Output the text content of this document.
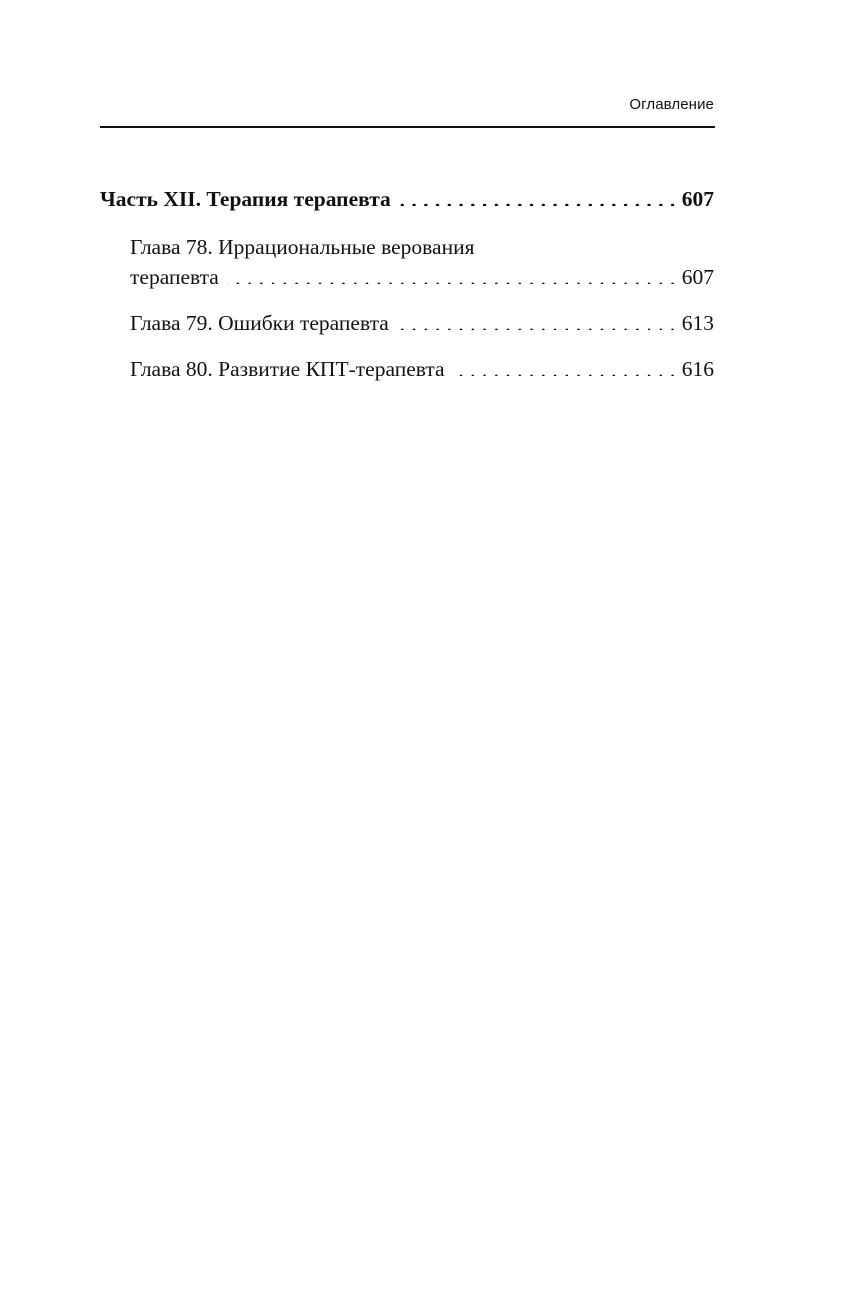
Оглавление
Часть XII. Терапия терапевта . . .	607
Глава 78. Иррациональные верования
терапевта . . .	607
Глава 79. Ошибки терапевта . . .	613
Глава 80. Развитие КПТ-терапевта . . .	616
